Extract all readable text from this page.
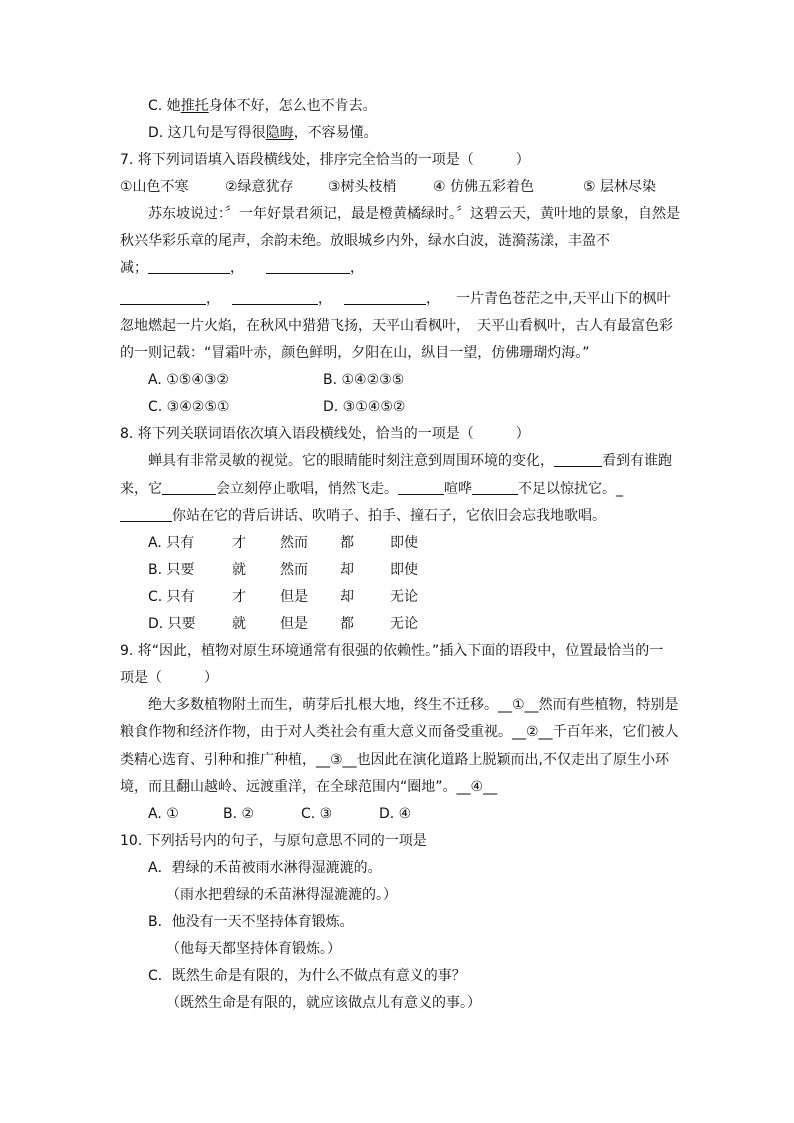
C. 她推托身体不好，怎么也不肯去。
D. 这几句是写得很隐晦，不容易懂。
7. 将下列词语填入语段横线处，排序完全恰当的一项是（　　　）
①山色不寒	②绿意犹存 ③树头枝梢	④ 仿佛五彩着色	⑤ 层林尽染
苏东坡说过：〞一年好景君须记，最是橙黄橘绿时。〞这碧云天，黄叶地的景象，自然是
秋兴华彩乐章的尾声，余韵未绝。放眼城乡内外，绿水白波，涟漪荡漾，丰盈不
减；	，	，
，	，	， 一片青色苍茫之中,天平山下的枫叶
忽地燃起一片火焰，在秋风中猎猎飞扬，天平山看枫叶，　天平山看枫叶，古人有最富色彩
的一则记载：“冒霜叶赤，颜色鲜明，夕阳在山，纵目一望，仿佛珊瑚灼海。”
A. ①⑤④③②	B. ①④②③⑤
C. ③④②⑤①	D. ③①④⑤②
8. 将下列关联词语依次填入语段横线处，恰当的一项是（　　　）
蝉具有非常灵敏的视觉。它的眼睛能时刻注意到周围环境的变化，	看到有谁跑
来，它	会立刻停止歌唱，悄然飞走。	喧哗	不足以惊扰它。_
你站在它的背后讲话、吹哨子、拍手、撞石子，它依旧会忘我地歌唱。
A. 只有	才 然而 都	即使
B. 只要	就 然而 却	即使
C. 只有	才 但是 却	无论
D. 只要	就 但是 都	无论
9. 将“因此，植物对原生环境通常有很强的依赖性。”插入下面的语段中，位置最恰当的一
项是（　　　）
绝大多数植物附土而生，萌芽后扎根大地，终生不迁移。__①__然而有些植物，特别是
粮食作物和经济作物，由于对人类社会有重大意义而备受重视。__②__千百年来，它们被人
类精心选育、引种和推广种植，__③__也因此在演化道路上脱颖而出,不仅走出了原生小环
境，而且翻山越岭、远渡重洋，在全球范围内“圈地”。__④__
A. ①	B. ②	C. ③	D. ④
10. 下列括号内的句子，与原句意思不同的一项是
A．碧绿的禾苗被雨水淋得湿漉漉的。
（雨水把碧绿的禾苗淋得湿漉漉的。）
B．他没有一天不坚持体育锻炼。
（他每天都坚持体育锻炼。）
C．既然生命是有限的，为什么不做点有意义的事？
（既然生命是有限的，就应该做点儿有意义的事。）
